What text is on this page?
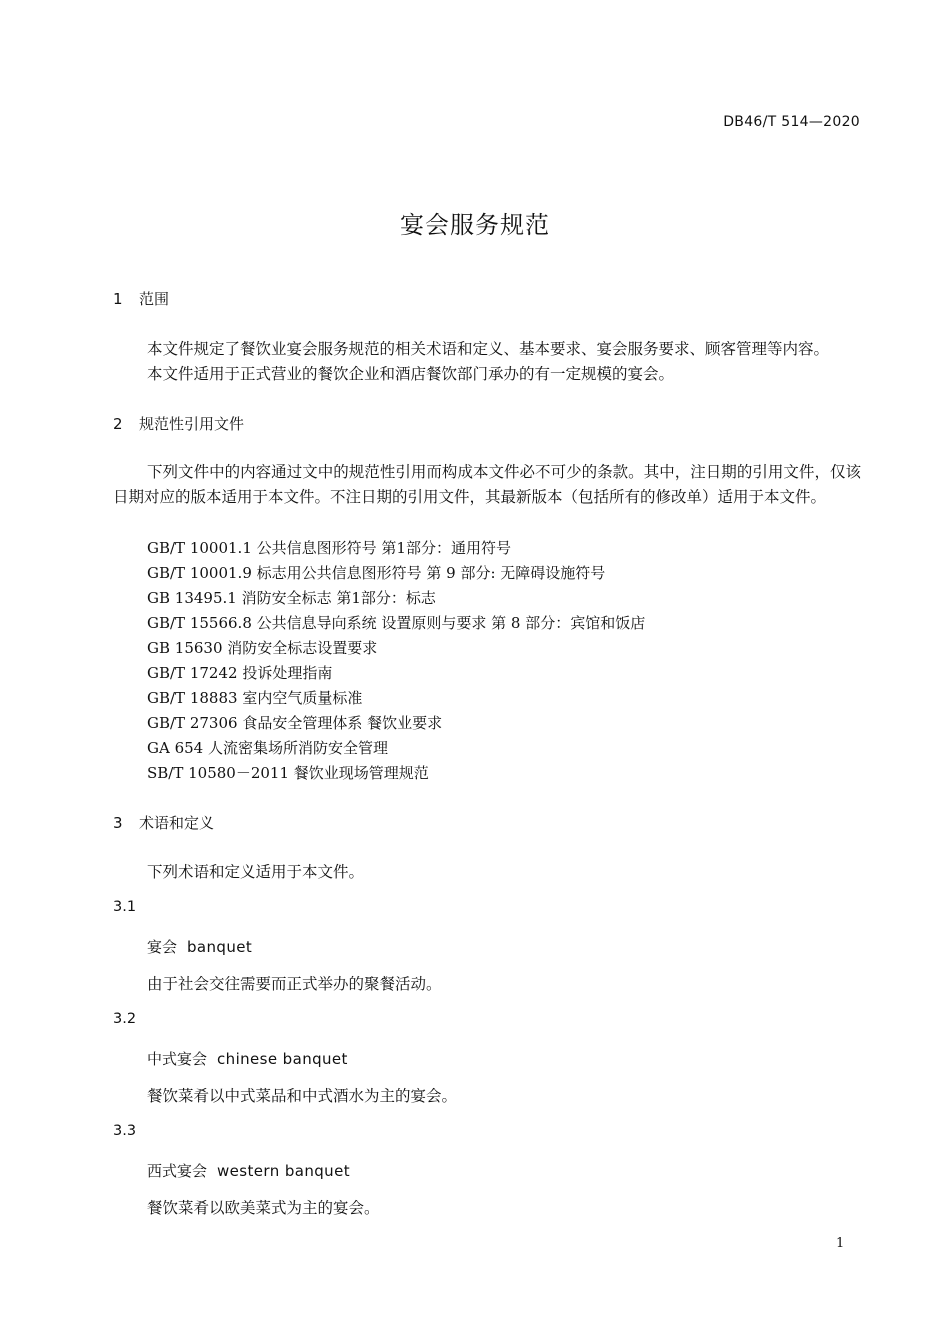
DB46/T 514—2020
宴会服务规范
1 范围
本文件规定了餐饮业宴会服务规范的相关术语和定义、基本要求、宴会服务要求、顾客管理等内容。
本文件适用于正式营业的餐饮企业和酒店餐饮部门承办的有一定规模的宴会。
2 规范性引用文件
下列文件中的内容通过文中的规范性引用而构成本文件必不可少的条款。其中，注日期的引用文件，仅该日期对应的版本适用于本文件。不注日期的引用文件，其最新版本（包括所有的修改单）适用于本文件。
GB/T 10001.1 公共信息图形符号 第1部分：通用符号
GB/T 10001.9 标志用公共信息图形符号 第 9 部分: 无障碍设施符号
GB 13495.1 消防安全标志 第1部分：标志
GB/T 15566.8 公共信息导向系统 设置原则与要求 第 8 部分：宾馆和饭店
GB 15630 消防安全标志设置要求
GB/T 17242 投诉处理指南
GB/T 18883 室内空气质量标准
GB/T 27306 食品安全管理体系 餐饮业要求
GA 654 人流密集场所消防安全管理
SB/T 10580－2011 餐饮业现场管理规范
3 术语和定义
下列术语和定义适用于本文件。
3.1
宴会 banquet
由于社会交往需要而正式举办的聚餐活动。
3.2
中式宴会 chinese banquet
餐饮菜肴以中式菜品和中式酒水为主的宴会。
3.3
西式宴会 western banquet
餐饮菜肴以欧美菜式为主的宴会。
1
